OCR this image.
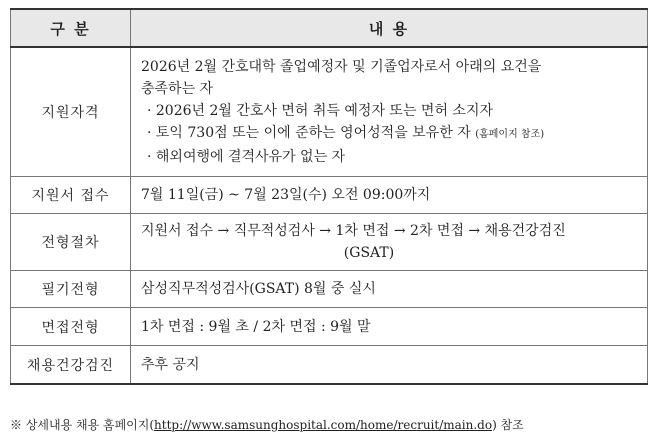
구 분	내 용
지원자격	2026년 2월 간호대학 졸업예정자 및 기졸업자로서 아래의 요건을
충족하는 자
· 2026년 2월 간호사 면허 취득 예정자 또는 면허 소지자
· 토익 730점 또는 이에 준하는 영어성적을 보유한 자 (홈페이지 참조)
· 해외여행에 결격사유가 없는 자

지원서 접수	7월 11일(금) ~ 7월 23일(수) 오전 09:00까지
전형절차	지원서 접수 → 직무적성검사 → 1차 면접 → 2차 면접 → 채용건강검진
(GSAT)

필기전형	삼성직무적성검사(GSAT) 8월 중 실시
면접전형	1차 면접 : 9월 초 / 2차 면접 : 9월 말
채용건강검진	추후 공지
※ 상세내용 채용 홈페이지(http://www.samsunghospital.com/home/recruit/main.do) 참조
